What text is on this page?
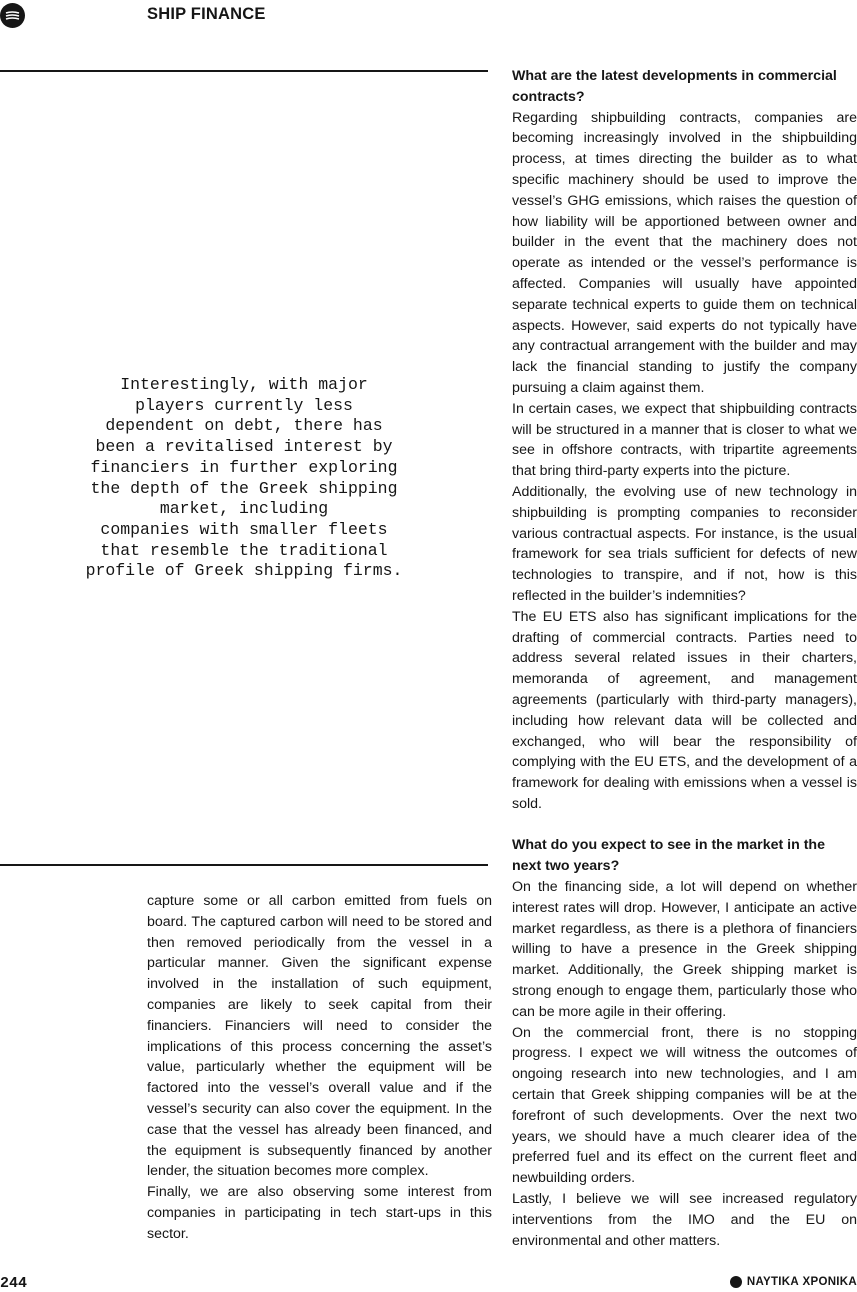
SHIP FINANCE
Interestingly, with major
players currently less
dependent on debt, there has
been a revitalised interest by
financiers in further exploring
the depth of the Greek shipping
market, including
companies with smaller fleets
that resemble the traditional
profile of Greek shipping firms.

capture some or all carbon emitted from fuels on board. The captured carbon will need to be stored and then removed periodically from the vessel in a particular manner. Given the significant expense involved in the installation of such equipment, companies are likely to seek capital from their financiers. Financiers will need to consider the implications of this process concerning the asset’s value, particularly whether the equipment will be factored into the vessel’s overall value and if the vessel’s security can also cover the equipment. In the case that the vessel has already been financed, and the equipment is subsequently financed by another lender, the situation becomes more complex.

Finally, we are also observing some interest from companies in participating in tech start-ups in this sector.

What are the latest developments in commercial contracts?

Regarding shipbuilding contracts, companies are becoming increasingly involved in the shipbuilding process, at times directing the builder as to what specific machinery should be used to improve the vessel’s GHG emissions, which raises the question of how liability will be apportioned between owner and builder in the event that the machinery does not operate as intended or the vessel’s performance is affected. Companies will usually have appointed separate technical experts to guide them on technical aspects. However, said experts do not typically have any contractual arrangement with the builder and may lack the financial standing to justify the company pursuing a claim against them.

In certain cases, we expect that shipbuilding contracts will be structured in a manner that is closer to what we see in offshore contracts, with tripartite agreements that bring third-party experts into the picture.

Additionally, the evolving use of new technology in shipbuilding is prompting companies to reconsider various contractual aspects. For instance, is the usual framework for sea trials sufficient for defects of new technologies to transpire, and if not, how is this reflected in the builder’s indemnities?

The EU ETS also has significant implications for the drafting of commercial contracts. Parties need to address several related issues in their charters, memoranda of agreement, and management agreements (particularly with third-party managers), including how relevant data will be collected and exchanged, who will bear the responsibility of complying with the EU ETS, and the development of a framework for dealing with emissions when a vessel is sold.

What do you expect to see in the market in the next two years?

On the financing side, a lot will depend on whether interest rates will drop. However, I anticipate an active market regardless, as there is a plethora of financiers willing to have a presence in the Greek shipping market. Additionally, the Greek shipping market is strong enough to engage them, particularly those who can be more agile in their offering.

On the commercial front, there is no stopping progress. I expect we will witness the outcomes of ongoing research into new technologies, and I am certain that Greek shipping companies will be at the forefront of such developments. Over the next two years, we should have a much clearer idea of the preferred fuel and its effect on the current fleet and newbuilding orders.

Lastly, I believe we will see increased regulatory interventions from the IMO and the EU on environmental and other matters.

244	ΝΑΥΤΙΚΑ ΧΡΟΝΙΚΑ
